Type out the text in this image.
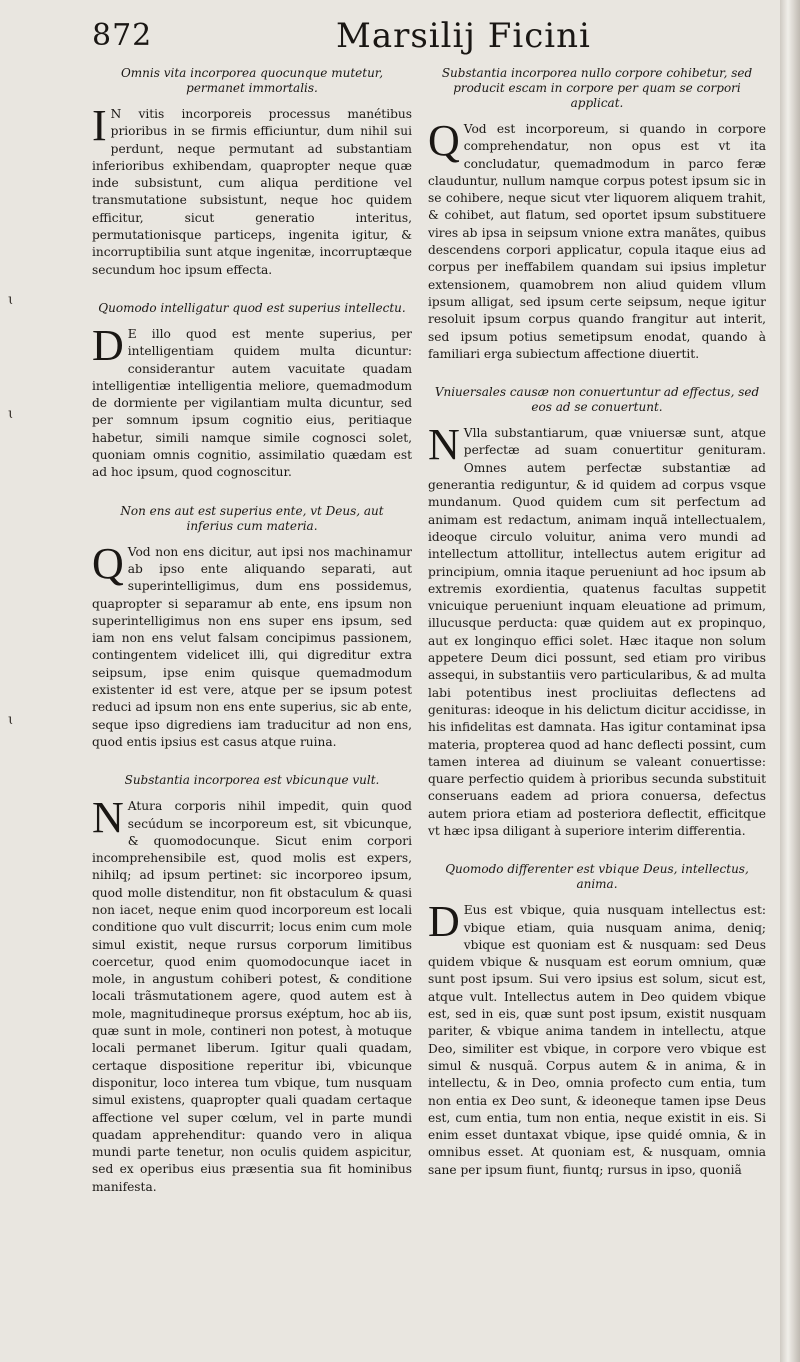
872	Marsilij Ficini
Omnis vita incorporea quocunque mutetur, permanet immortalis.

I N vitis incorporeis processus manétibus prioribus in se firmis efficiuntur, dum nihil sui perdunt, neque permutant ad substantiam inferioribus exhibendam, quapropter neque quæ inde subsistunt, cum aliqua perditione vel transmutatione subsistunt, neque hoc quidem efficitur, sicut generatio interitus, permutationisque particeps, ingenita igitur, & incorruptibilia sunt atque ingenitæ, incorruptæque secundum hoc ipsum effecta.

Quomodo intelligatur quod est superius intellectu.

D E illo quod est mente superius, per intelligentiam quidem multa dicuntur: considerantur autem vacuitate quadam intelligentiæ intelligentia meliore, quemadmodum de dormiente per vigilantiam multa dicuntur, sed per somnum ipsum cognitio eius, peritiaque habetur, simili namque simile cognosci solet, quoniam omnis cognitio, assimilatio quædam est ad hoc ipsum, quod cognoscitur.

Non ens aut est superius ente, vt Deus, aut inferius cum materia.

Q Vod non ens dicitur, aut ipsi nos machinamur ab ipso ente aliquando separati, aut superintelligimus, dum ens possidemus, quapropter si separamur ab ente, ens ipsum non superintelligimus non ens super ens ipsum, sed iam non ens velut falsam concipimus passionem, contingentem videlicet illi, qui digreditur extra seipsum, ipse enim quisque quemadmodum existenter id est vere, atque per se ipsum potest reduci ad ipsum non ens ente superius, sic ab ente, seque ipso digrediens iam traducitur ad non ens, quod entis ipsius est casus atque ruina.

Substantia incorporea est vbicunque vult.

N Atura corporis nihil impedit, quin quod secúdum se incorporeum est, sit vbicunque, & quomodocunque. Sicut enim corpori incomprehensibile est, quod molis est expers, nihilq; ad ipsum pertinet: sic incorporeo ipsum, quod molle distenditur, non fit obstaculum & quasi non iacet, neque enim quod incorporeum est locali conditione quo vult discurrit; locus enim cum mole simul existit, neque rursus corporum limitibus coercetur, quod enim quomodocunque iacet in mole, in angustum cohiberi potest, & conditione locali trãsmutationem agere, quod autem est à mole, magnitudineque prorsus exéptum, hoc ab iis, quæ sunt in mole, contineri non potest, à motuque locali permanet liberum. Igitur quali quadam, certaque dispositione reperitur ibi, vbicunque disponitur, loco interea tum vbique, tum nusquam simul existens, quapropter quali quadam certaque affectione vel super cœlum, vel in parte mundi quadam apprehenditur: quando vero in aliqua mundi parte tenetur, non oculis quidem aspicitur, sed ex operibus eius præsentia sua fit hominibus manifesta.

Substantia incorporea nullo corpore cohibetur, sed producit escam in corpore per quam se corpori applicat.

Q Vod est incorporeum, si quando in corpore comprehendatur, non opus est vt ita concludatur, quemadmodum in parco feræ clauduntur, nullum namque corpus potest ipsum sic in se cohibere, neque sicut vter liquorem aliquem trahit, & cohibet, aut flatum, sed oportet ipsum substituere vires ab ipsa in seipsum vnione extra manãtes, quibus descendens corpori applicatur, copula itaque eius ad corpus per ineffabilem quandam sui ipsius impletur extensionem, quamobrem non aliud quidem vllum ipsum alligat, sed ipsum certe seipsum, neque igitur resoluit ipsum corpus quando frangitur aut interit, sed ipsum potius semetipsum enodat, quando à familiari erga subiectum affectione diuertit.

Vniuersales causæ non conuertuntur ad effectus, sed eos ad se conuertunt.

N Vlla substantiarum, quæ vniuersæ sunt, atque perfectæ ad suam conuertitur genituram. Omnes autem perfectæ substantiæ ad generantia rediguntur, & id quidem ad corpus vsque mundanum. Quod quidem cum sit perfectum ad animam est redactum, animam inquã intellectualem, ideoque circulo voluitur, anima vero mundi ad intellectum attollitur, intellectus autem erigitur ad principium, omnia itaque perueniunt ad hoc ipsum ab extremis exordientia, quatenus facultas suppetit vnicuique perueniunt inquam eleuatione ad primum, illucusque perducta: quæ quidem aut ex propinquo, aut ex longinquo effici solet. Hæc itaque non solum appetere Deum dici possunt, sed etiam pro viribus assequi, in substantiis vero particularibus, & ad multa labi potentibus inest procliuitas deflectens ad genituras: ideoque in his delictum dicitur accidisse, in his infidelitas est damnata. Has igitur contaminat ipsa materia, propterea quod ad hanc deflecti possint, cum tamen interea ad diuinum se valeant conuertisse: quare perfectio quidem à prioribus secunda substituit conseruans eadem ad priora conuersa, defectus autem priora etiam ad posteriora deflectit, efficitque vt hæc ipsa diligant à superiore interim differentia.

Quomodo differenter est vbique Deus, intellectus, anima.

D Eus est vbique, quia nusquam intellectus est: vbique etiam, quia nusquam anima, deniq; vbique est quoniam est & nusquam: sed Deus quidem vbique & nusquam est eorum omnium, quæ sunt post ipsum. Sui vero ipsius est solum, sicut est, atque vult. Intellectus autem in Deo quidem vbique est, sed in eis, quæ sunt post ipsum, existit nusquam pariter, & vbique anima tandem in intellectu, atque Deo, similiter est vbique, in corpore vero vbique est simul & nusquã. Corpus autem & in anima, & in intellectu, & in Deo, omnia profecto cum entia, tum non entia ex Deo sunt, & ideoneque tamen ipse Deus est, cum entia, tum non entia, neque existit in eis. Si enim esset duntaxat vbique, ipse quidé omnia, & in omnibus esset. At quoniam est, & nusquam, omnia sane per ipsum fiunt, fiuntq; rursus in ipso, quoniã

ɩ
ɩ
ɩ
